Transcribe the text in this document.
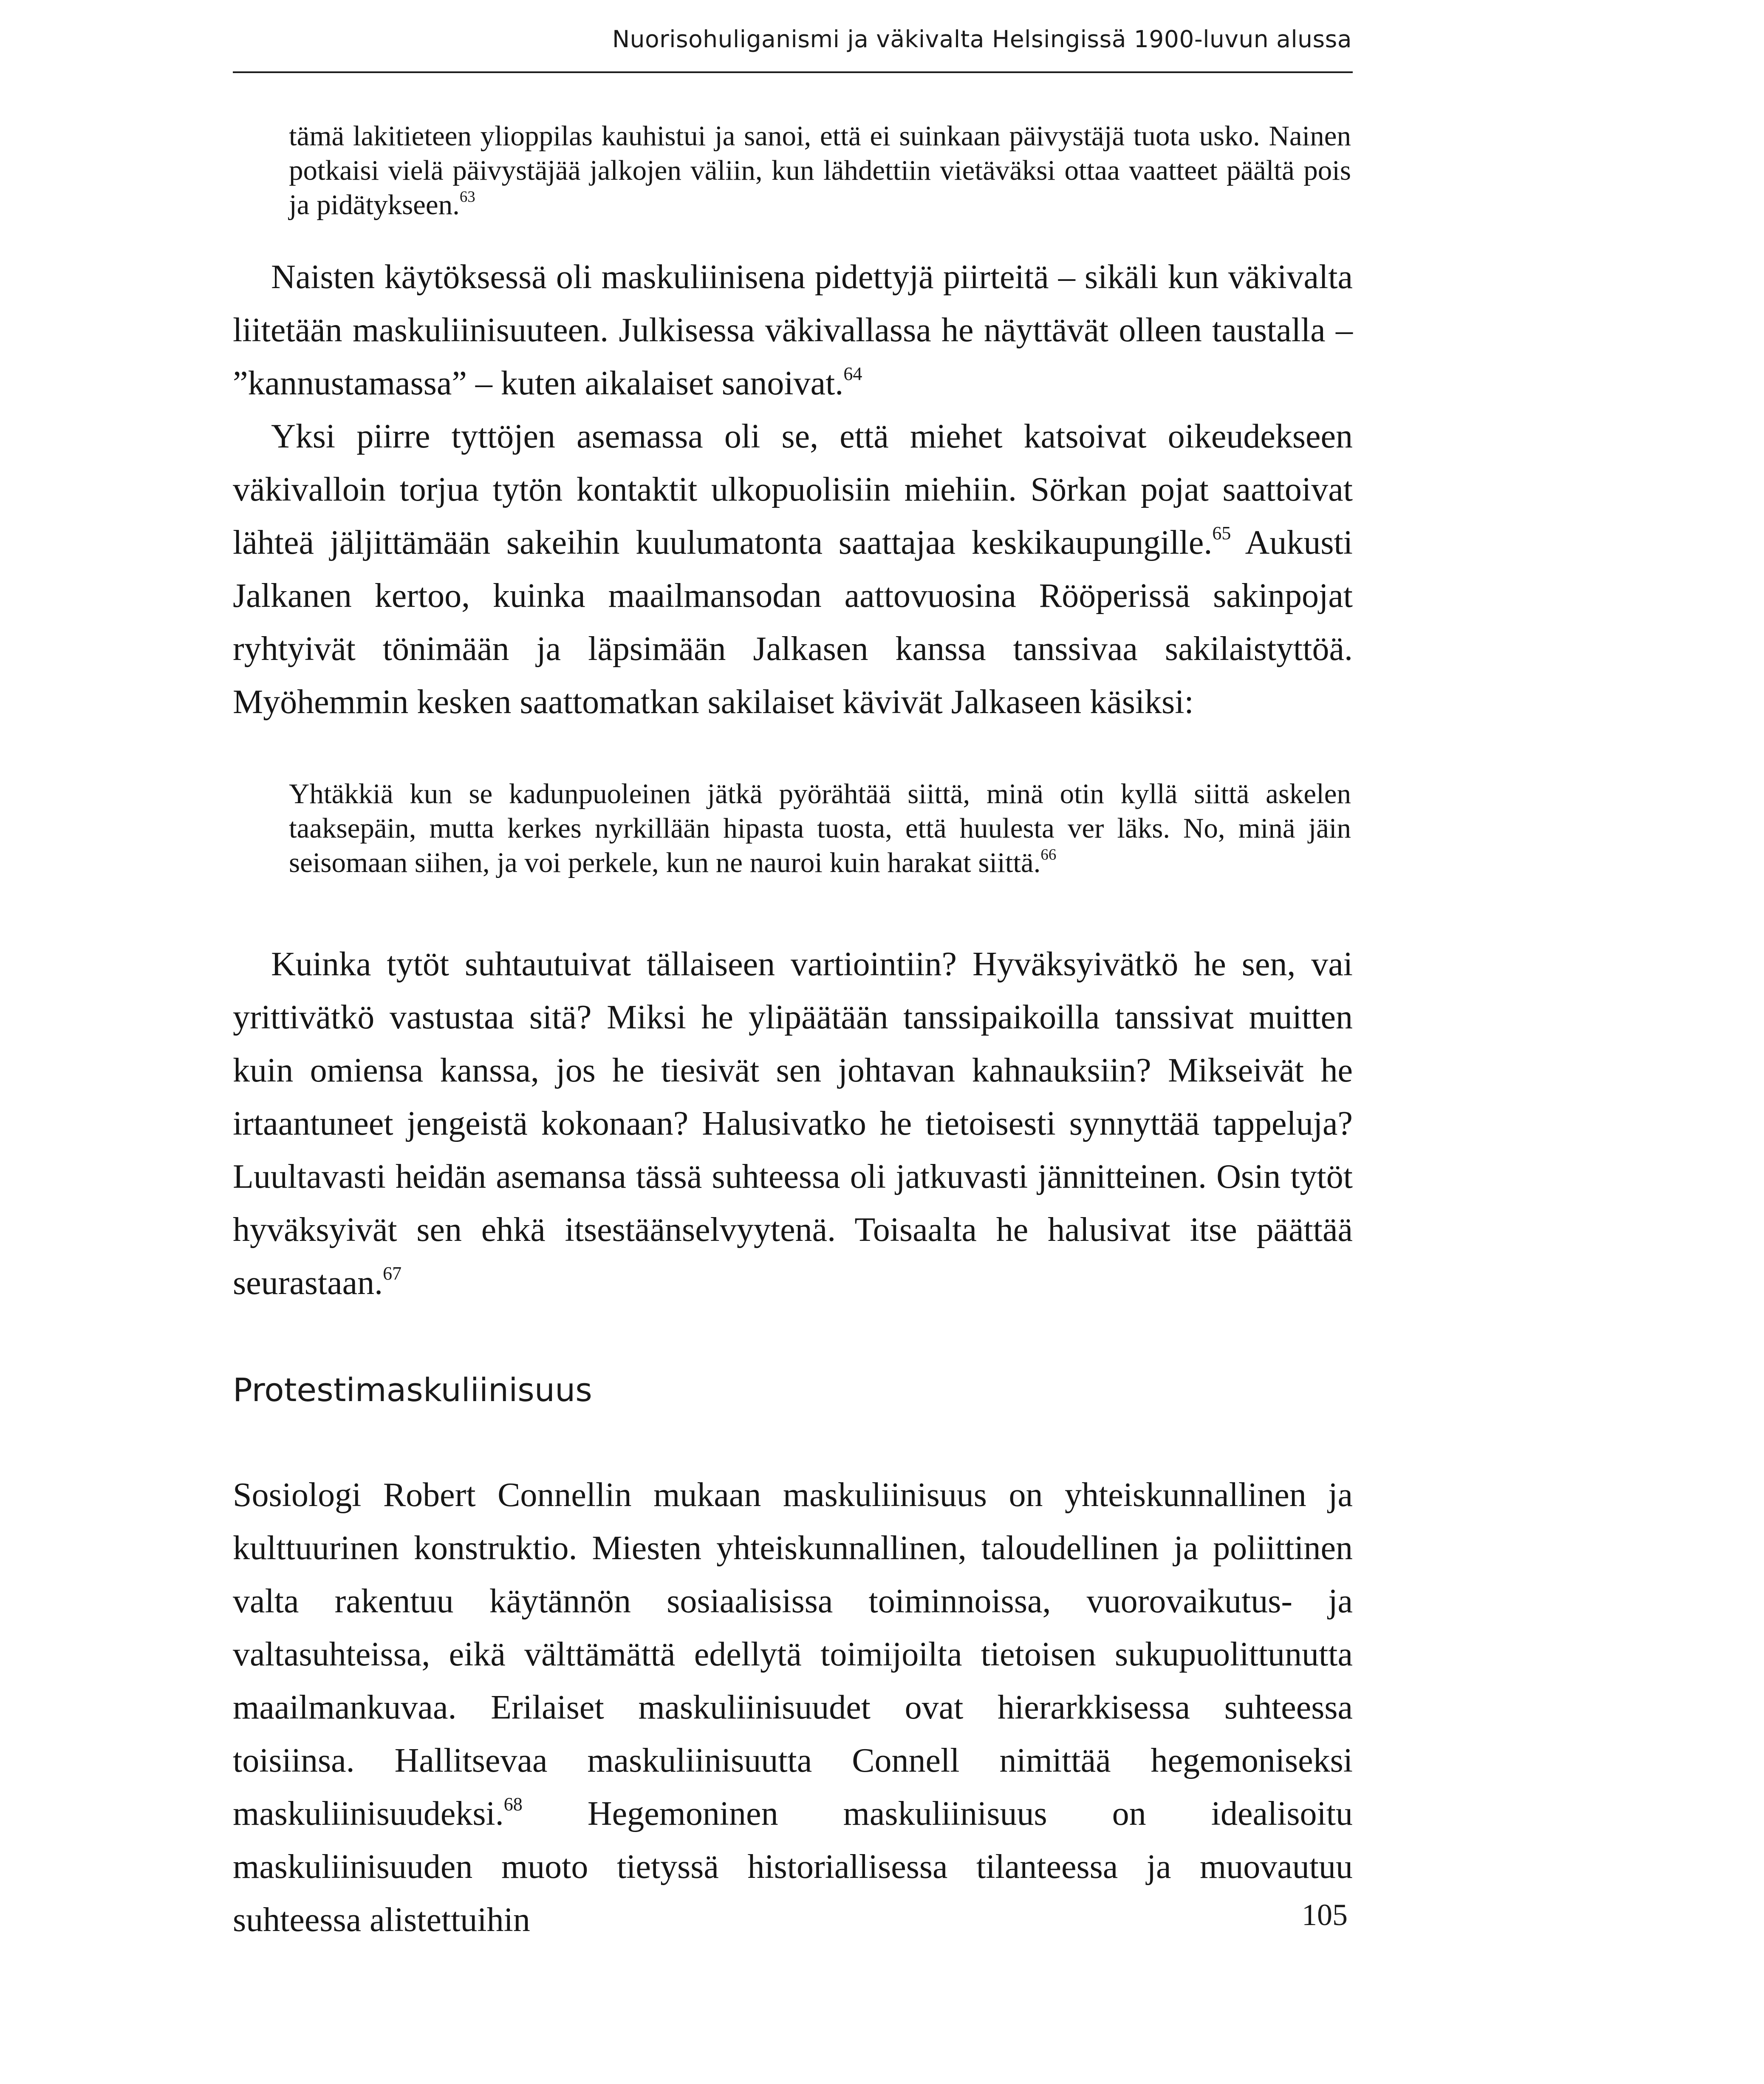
Nuorisohuliganismi ja väkivalta Helsingissä 1900-luvun alussa

tämä lakitieteen ylioppilas kauhistui ja sanoi, että ei suinkaan päivystäjä tuota usko. Nainen potkaisi vielä päivystäjää jalkojen väliin, kun lähdettiin vietäväksi ottaa vaatteet päältä pois ja pidätykseen.$^{63}$

Naisten käytöksessä oli maskuliinisena pidettyjä piirteitä – sikäli kun väkivalta liitetään maskuliinisuuteen. Julkisessa väkivallassa he näyttävät olleen taustalla – ”kannustamassa” – kuten aikalaiset sanoivat.$^{64}$

Yksi piirre tyttöjen asemassa oli se, että miehet katsoivat oikeudekseen väkivalloin torjua tytön kontaktit ulkopuolisiin miehiin. Sörkan pojat saattoivat lähteä jäljittämään sakeihin kuulumatonta saattajaa keskikaupungille.$^{65}$ Aukusti Jalkanen kertoo, kuinka maailmansodan aattovuosina Rööperissä sakinpojat ryhtyivät tönimään ja läpsimään Jalkasen kanssa tanssivaa sakilaistyttöä. Myöhemmin kesken saattomatkan sakilaiset kävivät Jalkaseen käsiksi:

Yhtäkkiä kun se kadunpuoleinen jätkä pyörähtää siittä, minä otin kyllä siittä askelen taaksepäin, mutta kerkes nyrkillään hipasta tuosta, että huulesta ver läks. No, minä jäin seisomaan siihen, ja voi perkele, kun ne nauroi kuin harakat siittä.$^{66}$

Kuinka tytöt suhtautuivat tällaiseen vartiointiin? Hyväksyivätkö he sen, vai yrittivätkö vastustaa sitä? Miksi he ylipäätään tanssipaikoilla tanssivat muitten kuin omiensa kanssa, jos he tiesivät sen johtavan kahnauksiin? Mikseivät he irtaantuneet jengeistä kokonaan? Halusivatko he tietoisesti synnyttää tappeluja? Luultavasti heidän asemansa tässä suhteessa oli jatkuvasti jännitteinen. Osin tytöt hyväksyivät sen ehkä itsestäänselvyytenä. Toisaalta he halusivat itse päättää seurastaan.$^{67}$

Protestimaskuliinisuus

Sosiologi Robert Connellin mukaan maskuliinisuus on yhteiskunnallinen ja kulttuurinen konstruktio. Miesten yhteiskunnallinen, taloudellinen ja poliittinen valta rakentuu käytännön sosiaalisissa toiminnoissa, vuorovaikutus- ja valtasuhteissa, eikä välttämättä edellytä toimijoilta tietoisen sukupuolittunutta maailmankuvaa. Erilaiset maskuliinisuudet ovat hierarkkisessa suhteessa toisiinsa. Hallitsevaa maskuliinisuutta Connell nimittää hegemoniseksi maskuliinisuudeksi.$^{68}$ Hegemoninen maskuliinisuus on idealisoitu maskuliinisuuden muoto tietyssä historiallisessa tilanteessa ja muovautuu suhteessa alistettuihin	105
